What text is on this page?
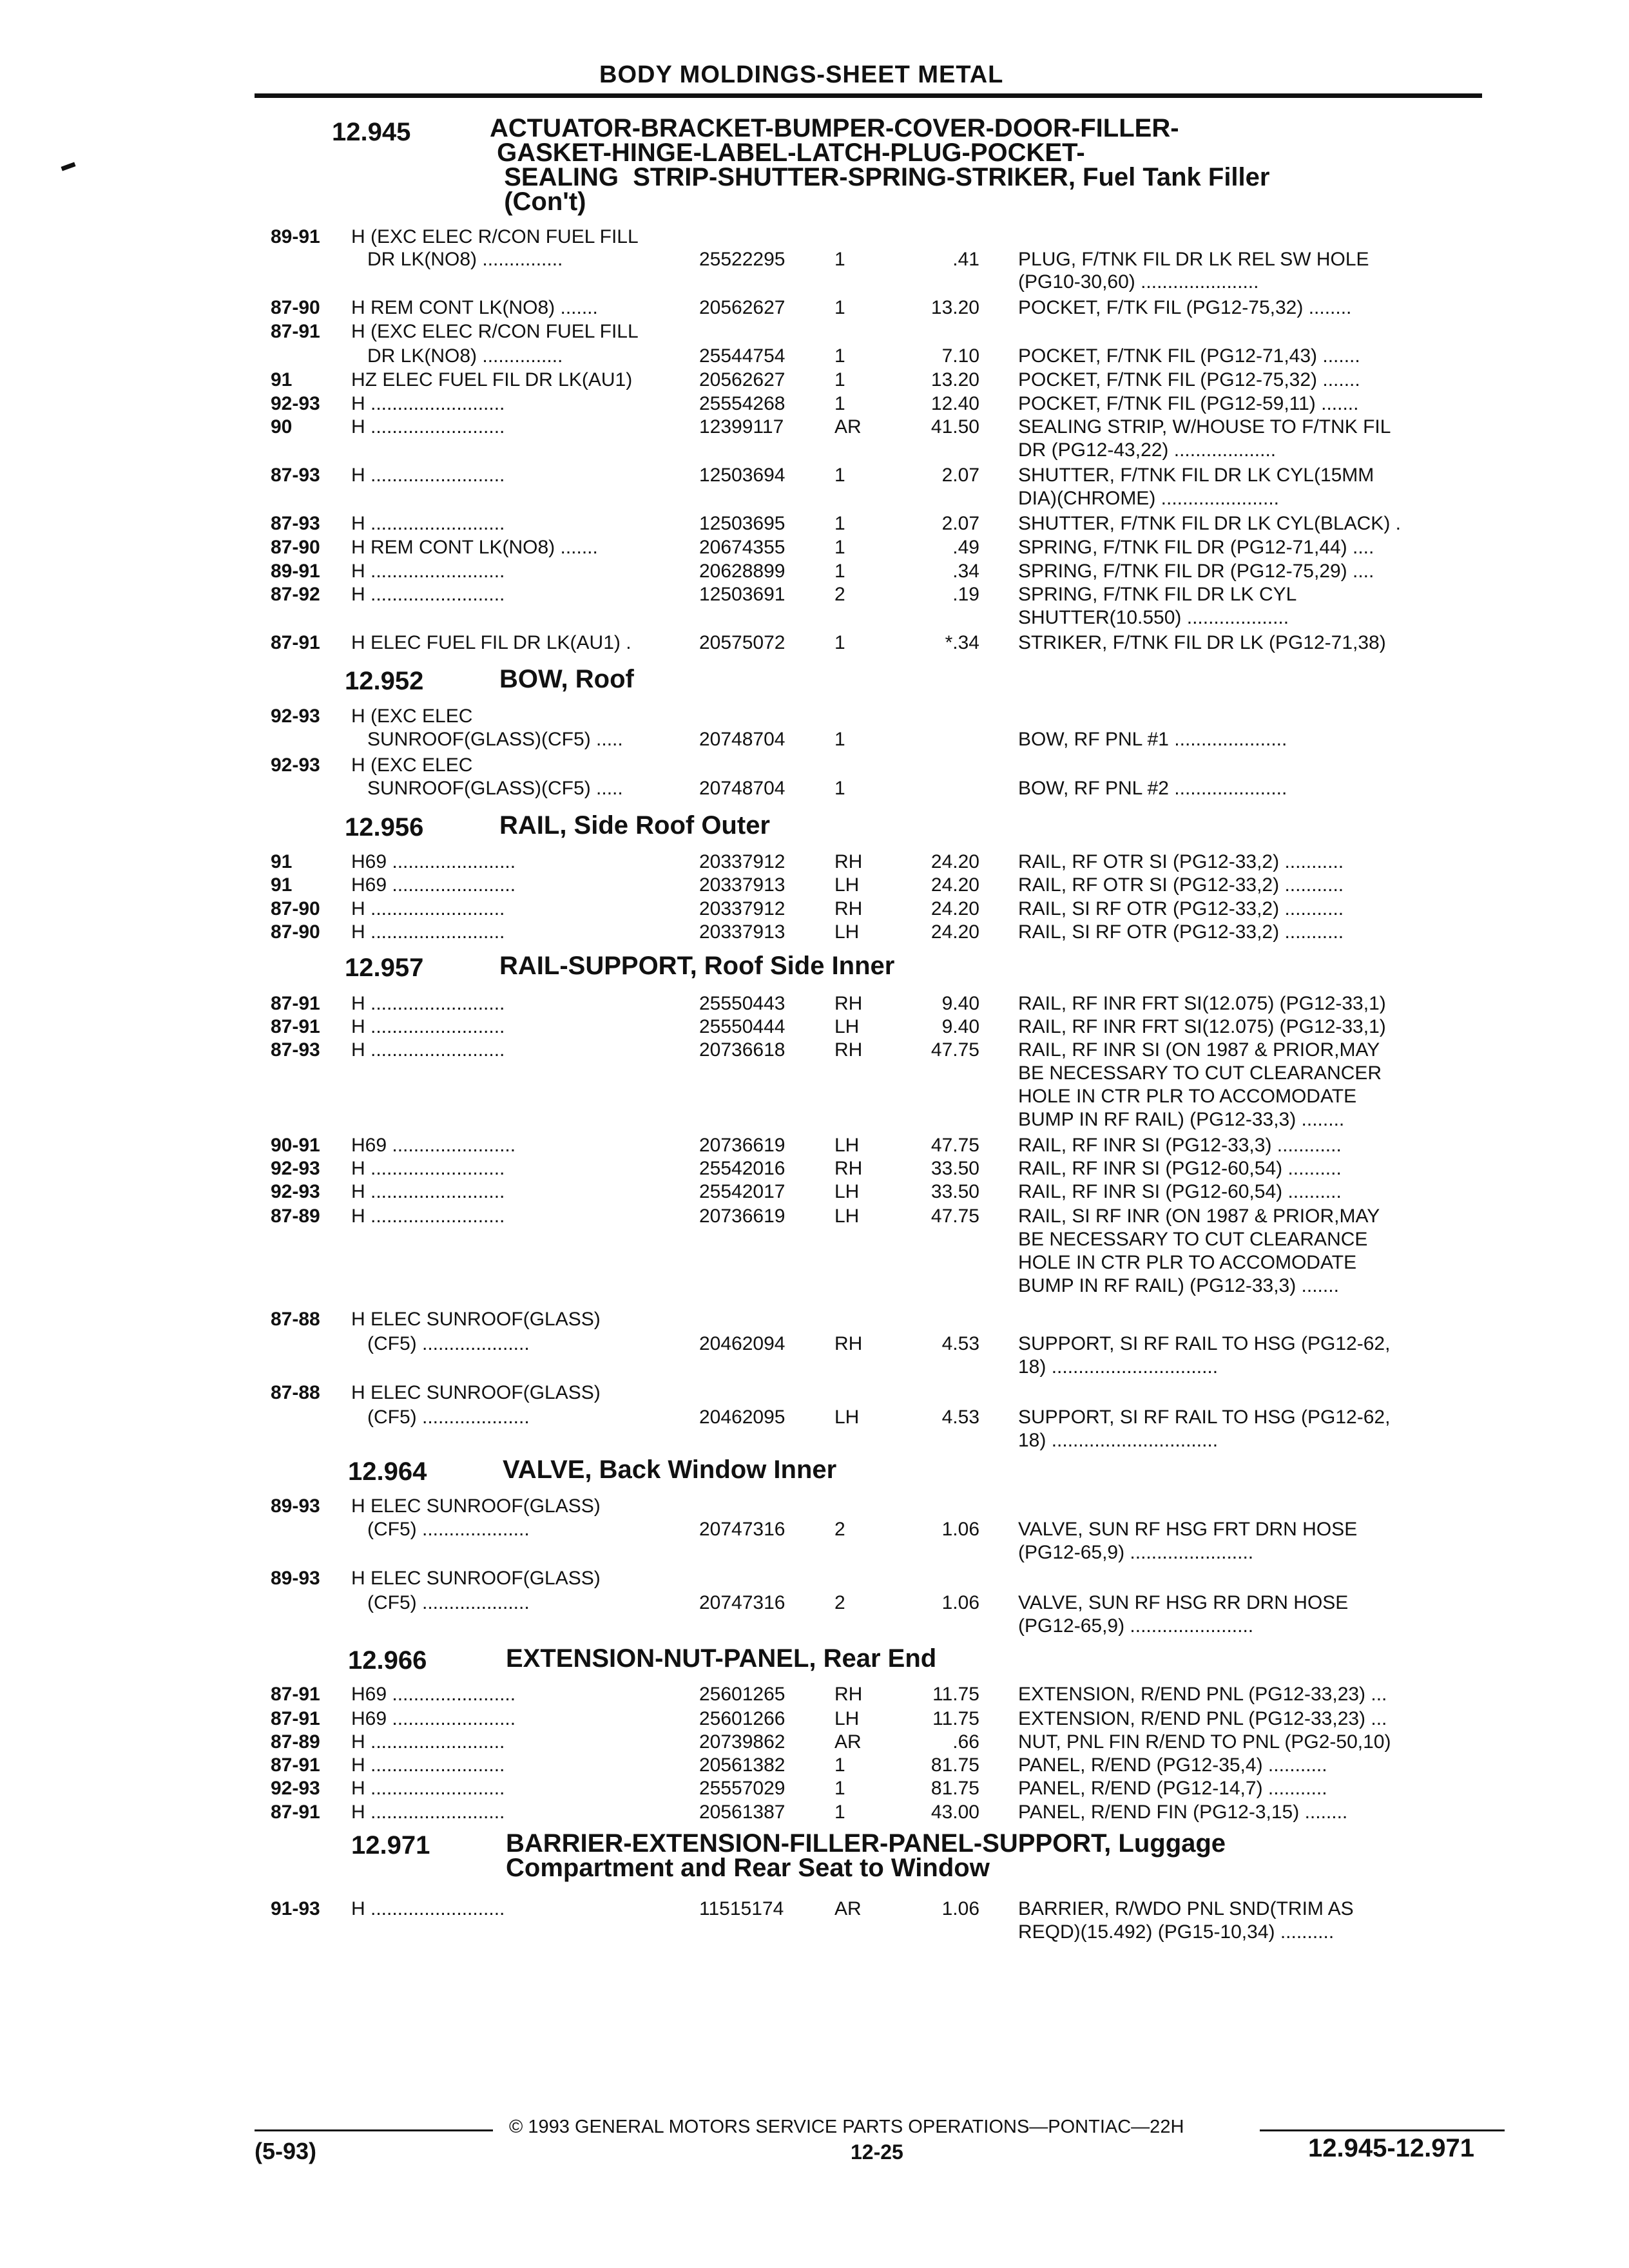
BODY MOLDINGS-SHEET METAL
12.945	ACTUATOR-BRACKET-BUMPER-COVER-DOOR-FILLER-
GASKET-HINGE-LABEL-LATCH-PLUG-POCKET-
SEALING  STRIP-SHUTTER-SPRING-STRIKER, Fuel Tank Filler
(Con't)
12.952	BOW, Roof
12.956	RAIL, Side Roof Outer
12.957	RAIL-SUPPORT, Roof Side Inner
12.964	VALVE, Back Window Inner
12.966	EXTENSION-NUT-PANEL, Rear End
12.971	BARRIER-EXTENSION-FILLER-PANEL-SUPPORT, Luggage
Compartment and Rear Seat to Window
89-91	H (EXC ELEC R/CON FUEL FILL
DR LK(NO8) ...............	25522295	1	.41 PLUG, F/TNK FIL DR LK REL SW HOLE
(PG10-30,60) ......................
87-90	H REM CONT LK(NO8) .......	20562627	1	13.20 POCKET, F/TK FIL (PG12-75,32) ........
87-91	H (EXC ELEC R/CON FUEL FILL
DR LK(NO8) ...............	25544754	1	7.10 POCKET, F/TNK FIL (PG12-71,43) .......
91	HZ ELEC FUEL FIL DR LK(AU1)	20562627	1	13.20 POCKET, F/TNK FIL (PG12-75,32) .......
92-93	H .........................	25554268	1	12.40 POCKET, F/TNK FIL (PG12-59,11) .......
90	H .........................	12399117	AR	41.50 SEALING STRIP, W/HOUSE TO F/TNK FIL
DR (PG12-43,22) ...................
87-93	H .........................	12503694	1	2.07 SHUTTER, F/TNK FIL DR LK CYL(15MM
DIA)(CHROME) ......................
87-93	H .........................	12503695	1	2.07 SHUTTER, F/TNK FIL DR LK CYL(BLACK) .
87-90	H REM CONT LK(NO8) .......	20674355	1	.49 SPRING, F/TNK FIL DR (PG12-71,44) ....
89-91	H .........................	20628899	1	.34 SPRING, F/TNK FIL DR (PG12-75,29) ....
87-92	H .........................	12503691	2	.19 SPRING, F/TNK FIL DR LK CYL
SHUTTER(10.550) ...................
87-91	H ELEC FUEL FIL DR LK(AU1) .	20575072	1	*.34 STRIKER, F/TNK FIL DR LK (PG12-71,38)
92-93	H (EXC ELEC
SUNROOF(GLASS)(CF5) .....	20748704	1	BOW, RF PNL #1 .....................
92-93	H (EXC ELEC
SUNROOF(GLASS)(CF5) .....	20748704	1	BOW, RF PNL #2 .....................
91	H69 .......................	20337912	RH	24.20 RAIL, RF OTR SI (PG12-33,2) ...........
91	H69 .......................	20337913	LH	24.20 RAIL, RF OTR SI (PG12-33,2) ...........
87-90	H .........................	20337912	RH	24.20 RAIL, SI RF OTR (PG12-33,2) ...........
87-90	H .........................	20337913	LH	24.20 RAIL, SI RF OTR (PG12-33,2) ...........
87-91	H .........................	25550443	RH	9.40 RAIL, RF INR FRT SI(12.075) (PG12-33,1)
87-91	H .........................	25550444	LH	9.40 RAIL, RF INR FRT SI(12.075) (PG12-33,1)
87-93	H .........................	20736618	RH	47.75 RAIL, RF INR SI (ON 1987 & PRIOR,MAY
BE NECESSARY TO CUT CLEARANCER
HOLE IN CTR PLR TO ACCOMODATE
BUMP IN RF RAIL) (PG12-33,3) ........
90-91	H69 .......................	20736619	LH	47.75 RAIL, RF INR SI (PG12-33,3) ............
92-93	H .........................	25542016	RH	33.50 RAIL, RF INR SI (PG12-60,54) ..........
92-93	H .........................	25542017	LH	33.50 RAIL, RF INR SI (PG12-60,54) ..........
87-89	H .........................	20736619	LH	47.75 RAIL, SI RF INR (ON 1987 & PRIOR,MAY
BE NECESSARY TO CUT CLEARANCE
HOLE IN CTR PLR TO ACCOMODATE
BUMP IN RF RAIL) (PG12-33,3) .......
87-88	H ELEC SUNROOF(GLASS)
(CF5) ....................	20462094	RH	4.53 SUPPORT, SI RF RAIL TO HSG (PG12-62,
18) ...............................
87-88	H ELEC SUNROOF(GLASS)
(CF5) ....................	20462095	LH	4.53 SUPPORT, SI RF RAIL TO HSG (PG12-62,
18) ...............................
89-93	H ELEC SUNROOF(GLASS)
(CF5) ....................	20747316	2	1.06 VALVE, SUN RF HSG FRT DRN HOSE
(PG12-65,9) .......................
89-93	H ELEC SUNROOF(GLASS)
(CF5) ....................	20747316	2	1.06 VALVE, SUN RF HSG RR DRN HOSE
(PG12-65,9) .......................
87-91	H69 .......................	25601265	RH	11.75 EXTENSION, R/END PNL (PG12-33,23) ...
87-91	H69 .......................	25601266	LH	11.75 EXTENSION, R/END PNL (PG12-33,23) ...
87-89	H .........................	20739862	AR	.66 NUT, PNL FIN R/END TO PNL (PG2-50,10)
87-91	H .........................	20561382	1	81.75 PANEL, R/END (PG12-35,4) ...........
92-93	H .........................	25557029	1	81.75 PANEL, R/END (PG12-14,7) ...........
87-91	H .........................	20561387	1	43.00 PANEL, R/END FIN (PG12-3,15) ........
91-93	H .........................	11515174	AR	1.06 BARRIER, R/WDO PNL SND(TRIM AS
REQD)(15.492) (PG15-10,34) ..........
© 1993 GENERAL MOTORS SERVICE PARTS OPERATIONS—PONTIAC—22H
(5-93)	12-25	12.945-12.971
